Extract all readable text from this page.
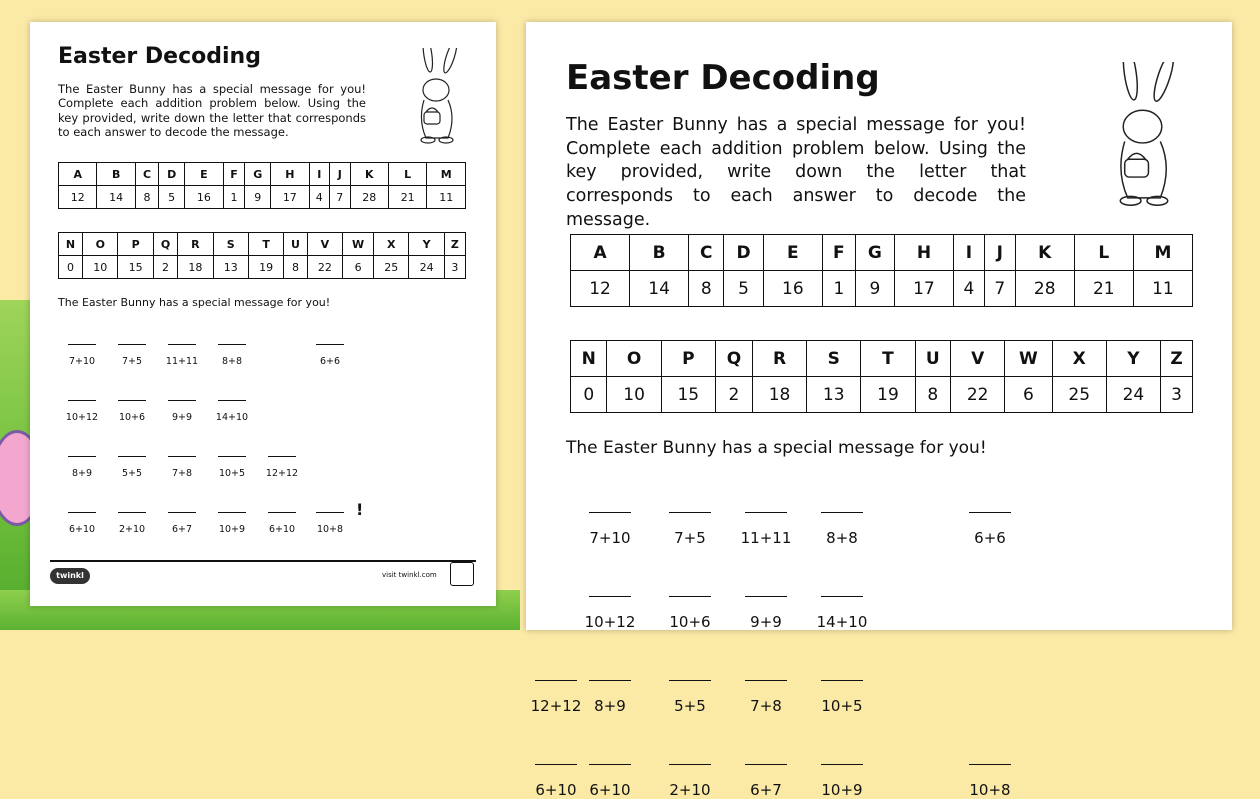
Easter Decoding
The Easter Bunny has a special message for you! Complete each addition problem below. Using the key provided, write down the letter that corresponds to each answer to decode the message.
A	B	C	D	E	F	G	H	I	J	K	L	M
12	14	8	5	16	1	9	17	4	7	28	21	11
N	O	P	Q	R	S	T	U	V	W	X	Y	Z
0	10	15	2	18	13	19	8	22	6	25	24	3
The Easter Bunny has a special message for you!
7+10	7+5	11+11	8+8	6+6
10+12	10+6	9+9	14+10
8+9	5+5	7+8	10+5	12+12
6+10	2+10	6+7	10+9	6+10	10+8
!
twinkl	visit twinkl.com
Easter Decoding
The Easter Bunny has a special message for you! Complete each addition problem below. Using the key provided, write down the letter that corresponds to each answer to decode the message.
A	B	C	D	E	F	G	H	I	J	K	L	M
12	14	8	5	16	1	9	17	4	7	28	21	11
N	O	P	Q	R	S	T	U	V	W	X	Y	Z
0	10	15	2	18	13	19	8	22	6	25	24	3
The Easter Bunny has a special message for you!
7+10	7+5	11+11	8+8	6+6
10+12	10+6	9+9	14+10
8+9	5+5	7+8	10+5
12+12
6+10	2+10	6+7	10+9
6+10	10+8
